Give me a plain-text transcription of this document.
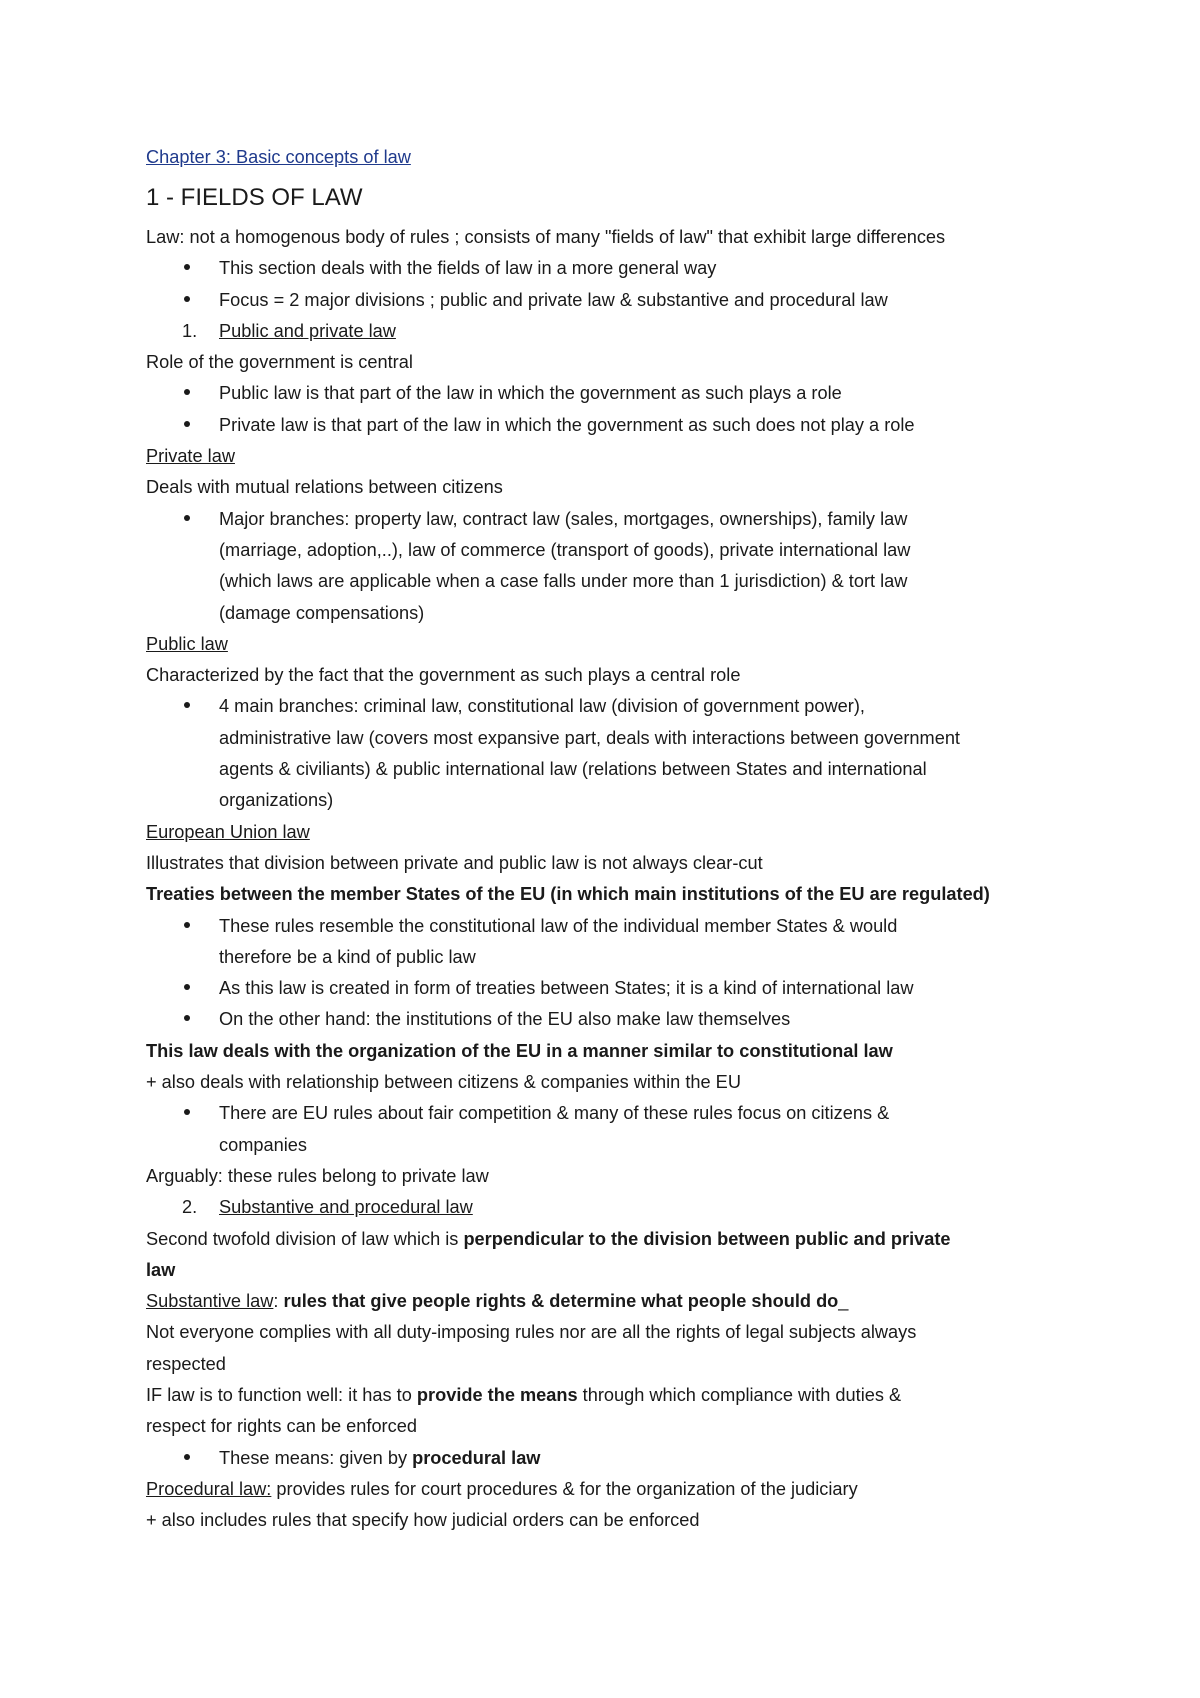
Chapter 3: Basic concepts of law

1 - FIELDS OF LAW

Law: not a homogenous body of rules ; consists of many "fields of law" that exhibit large differences

This section deals with the fields of law in a more general way

Focus = 2 major divisions ; public and private law & substantive and procedural law

1. Public and private law

Role of the government is central

Public law is that part of the law in which the government as such plays a role

Private law is that part of the law in which the government as such does not play a role

Private law

Deals with mutual relations between citizens

Major branches: property law, contract law (sales, mortgages, ownerships), family law

(marriage, adoption,..), law of commerce (transport of goods), private international law

(which laws are applicable when a case falls under more than 1 jurisdiction) & tort law

(damage compensations)

Public law

Characterized by the fact that the government as such plays a central role

4 main branches: criminal law, constitutional law (division of government power),

administrative law (covers most expansive part, deals with interactions between government

agents & civiliants) & public international law (relations between States and international

organizations)

European Union law

Illustrates that division between private and public law is not always clear-cut

Treaties between the member States of the EU (in which main institutions of the EU are regulated)

These rules resemble the constitutional law of the individual member States & would

therefore be a kind of public law

As this law is created in form of treaties between States; it is a kind of international law

On the other hand: the institutions of the EU also make law themselves

This law deals with the organization of the EU in a manner similar to constitutional law

+ also deals with relationship between citizens & companies within the EU

There are EU rules about fair competition & many of these rules focus on citizens &

companies

Arguably: these rules belong to private law

2. Substantive and procedural law

Second twofold division of law which is perpendicular to the division between public and private

law

Substantive law: rules that give people rights & determine what people should do_

Not everyone complies with all duty-imposing rules nor are all the rights of legal subjects always

respected

IF law is to function well: it has to provide the means through which compliance with duties &

respect for rights can be enforced

These means: given by procedural law

Procedural law: provides rules for court procedures & for the organization of the judiciary

+ also includes rules that specify how judicial orders can be enforced
